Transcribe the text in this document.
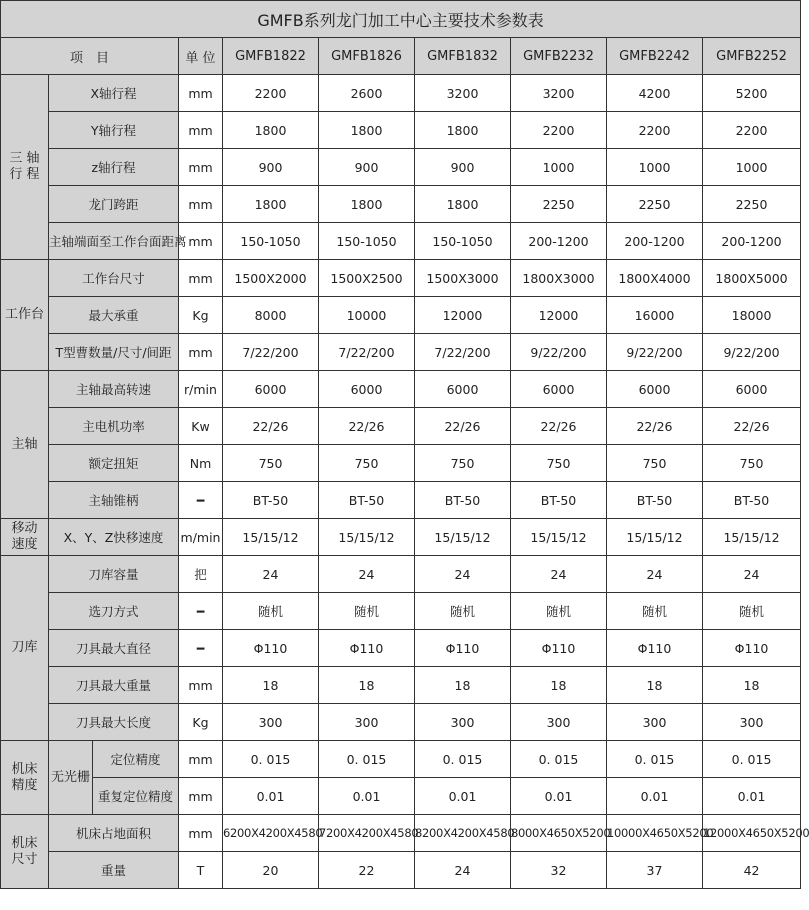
GMFB系列龙门加工中心主要技术参数表									
项　目			单 位	GMFB1822	GMFB1826	GMFB1832	GMFB2232	GMFB2242	GMFB2252

三 轴
行 程	X轴行程		mm	2200	2600	3200	3200	4200	5200
	Y轴行程		mm	1800	1800	1800	2200	2200	2200
	z轴行程		mm	900	900	900	1000	1000	1000
	龙门跨距		mm	1800	1800	1800	2250	2250	2250
	主轴端面至工作台面距离		mm	150-1050	150-1050	150-1050	200-1200	200-1200	200-1200

工作台	工作台尺寸		mm	1500X2000	1500X2500	1500X3000	1800X3000	1800X4000	1800X5000
	最大承重		Kg	8000	10000	12000	12000	16000	18000
	T型曹数量/尺寸/间距		mm	7/22/200	7/22/200	7/22/200	9/22/200	9/22/200	9/22/200

主轴	主轴最高转速		r/min	6000	6000	6000	6000	6000	6000
	主电机功率		Kw	22/26	22/26	22/26	22/26	22/26	22/26
	额定扭矩		Nm	750	750	750	750	750	750
	主轴锥柄		━	BT-50	BT-50	BT-50	BT-50	BT-50	BT-50

移动
速度	X、Y、Z快移速度		m/min	15/15/12	15/15/12	15/15/12	15/15/12	15/15/12	15/15/12

刀库	刀库容量		把	24	24	24	24	24	24
	选刀方式		━	随机	随机	随机	随机	随机	随机
	刀具最大直径		━	Φ110	Φ110	Φ110	Φ110	Φ110	Φ110
	刀具最大重量		mm	18	18	18	18	18	18
	刀具最大长度		Kg	300	300	300	300	300	300

机床
精度	无光栅	定位精度	mm	0. 015	0. 015	0. 015	0. 015	0. 015	0. 015
		重复定位精度	mm	0.01	0.01	0.01	0.01	0.01	0.01

机床
尺寸	机床占地面积		mm	6200X4200X4580	7200X4200X4580	8200X4200X4580	8000X4650X5200	10000X4650X5200	12000X4650X5200
	重量		T	20	22	24	32	37	42
